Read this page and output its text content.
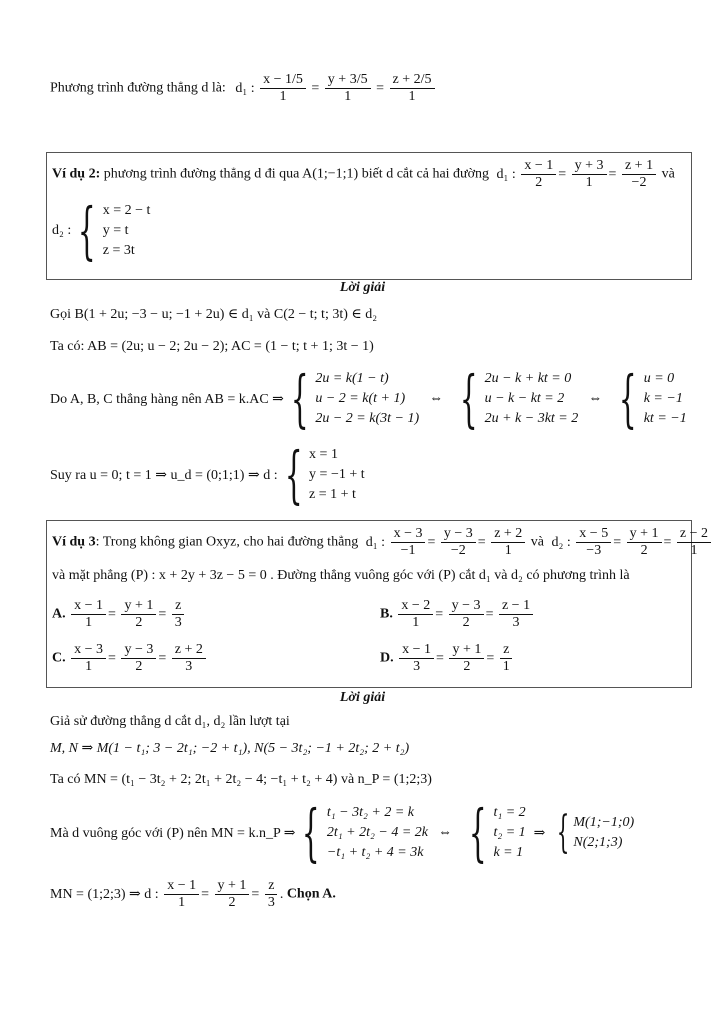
Phương trình đường thẳng d là: d₁ : $\frac{x - 1/5}{1} = \frac{y + 3/5}{1} = \frac{z + 2/5}{1}$
Ví dụ 2: phương trình đường thẳng d đi qua A(1;−1;1) biết d cắt cả hai đường d₁ : $\frac{x - 1}{2} = \frac{y + 3}{1} = \frac{z + 1}{-2}$ và
d₂ : { x = 2 − t
y = t
z = 3t
Lời giải
Gọi B(1 + 2u; −3 − u; −1 + 2u) ∈ d₁ và C(2 − t; t; 3t) ∈ d₂
Ta có: AB = (2u; u − 2; 2u − 2); AC = (1 − t; t + 1; 3t − 1)
Do A, B, C thẳng hàng nên AB = k.AC ⇒ { 2u = k(1 − t)
u − 2 = k(t + 1)
2u − 2 = k(3t − 1)
⇔ { 2u − k + kt = 0
u − k − kt = 2
2u + k − 3kt = 2
⇔ { u = 0
k = −1
kt = −1
Suy ra u = 0; t = 1 ⇒ u_d = (0;1;1) ⇒ d : { x = 1
y = −1 + t
z = 1 + t
Ví dụ 3: Trong không gian Oxyz, cho hai đường thẳng d₁ : $\frac{x - 3}{-1} = \frac{y - 3}{-2} = \frac{z + 2}{1}$ và d₂ : $\frac{x - 5}{-3} = \frac{y + 1}{2} = \frac{z - 2}{1}$
và mặt phẳng (P) : x + 2y + 3z − 5 = 0 . Đường thẳng vuông góc với (P) cắt d₁ và d₂ có phương trình là
A. $\frac{x - 1}{1} = \frac{y + 1}{2} = \frac{z}{3}$	B. $\frac{x - 2}{1} = \frac{y - 3}{2} = \frac{z - 1}{3}$
C. $\frac{x - 3}{1} = \frac{y - 3}{2} = \frac{z + 2}{3}$	D. $\frac{x - 1}{3} = \frac{y + 1}{2} = \frac{z}{1}$
Lời giải
Giả sử đường thẳng d cắt d₁, d₂ lần lượt tại
M, N ⇒ M(1 − t₁; 3 − 2t₁; −2 + t₁), N(5 − 3t₂; −1 + 2t₂; 2 + t₂)
Ta có MN = (t₁ − 3t₂ + 2; 2t₁ + 2t₂ − 4; −t₁ + t₂ + 4) và n_P = (1;2;3)
Mà d vuông góc với (P) nên MN = k.n_P ⇒ { t₁ − 3t₂ + 2 = k
2t₁ + 2t₂ − 4 = 2k
−t₁ + t₂ + 4 = 3k
⇔ { t₁ = 2
t₂ = 1
k = 1
⇒ { M(1;−1;0)
N(2;1;3)
MN = (1;2;3) ⇒ d : $\frac{x - 1}{1} = \frac{y + 1}{2} = \frac{z}{3}$ . Chọn A.
